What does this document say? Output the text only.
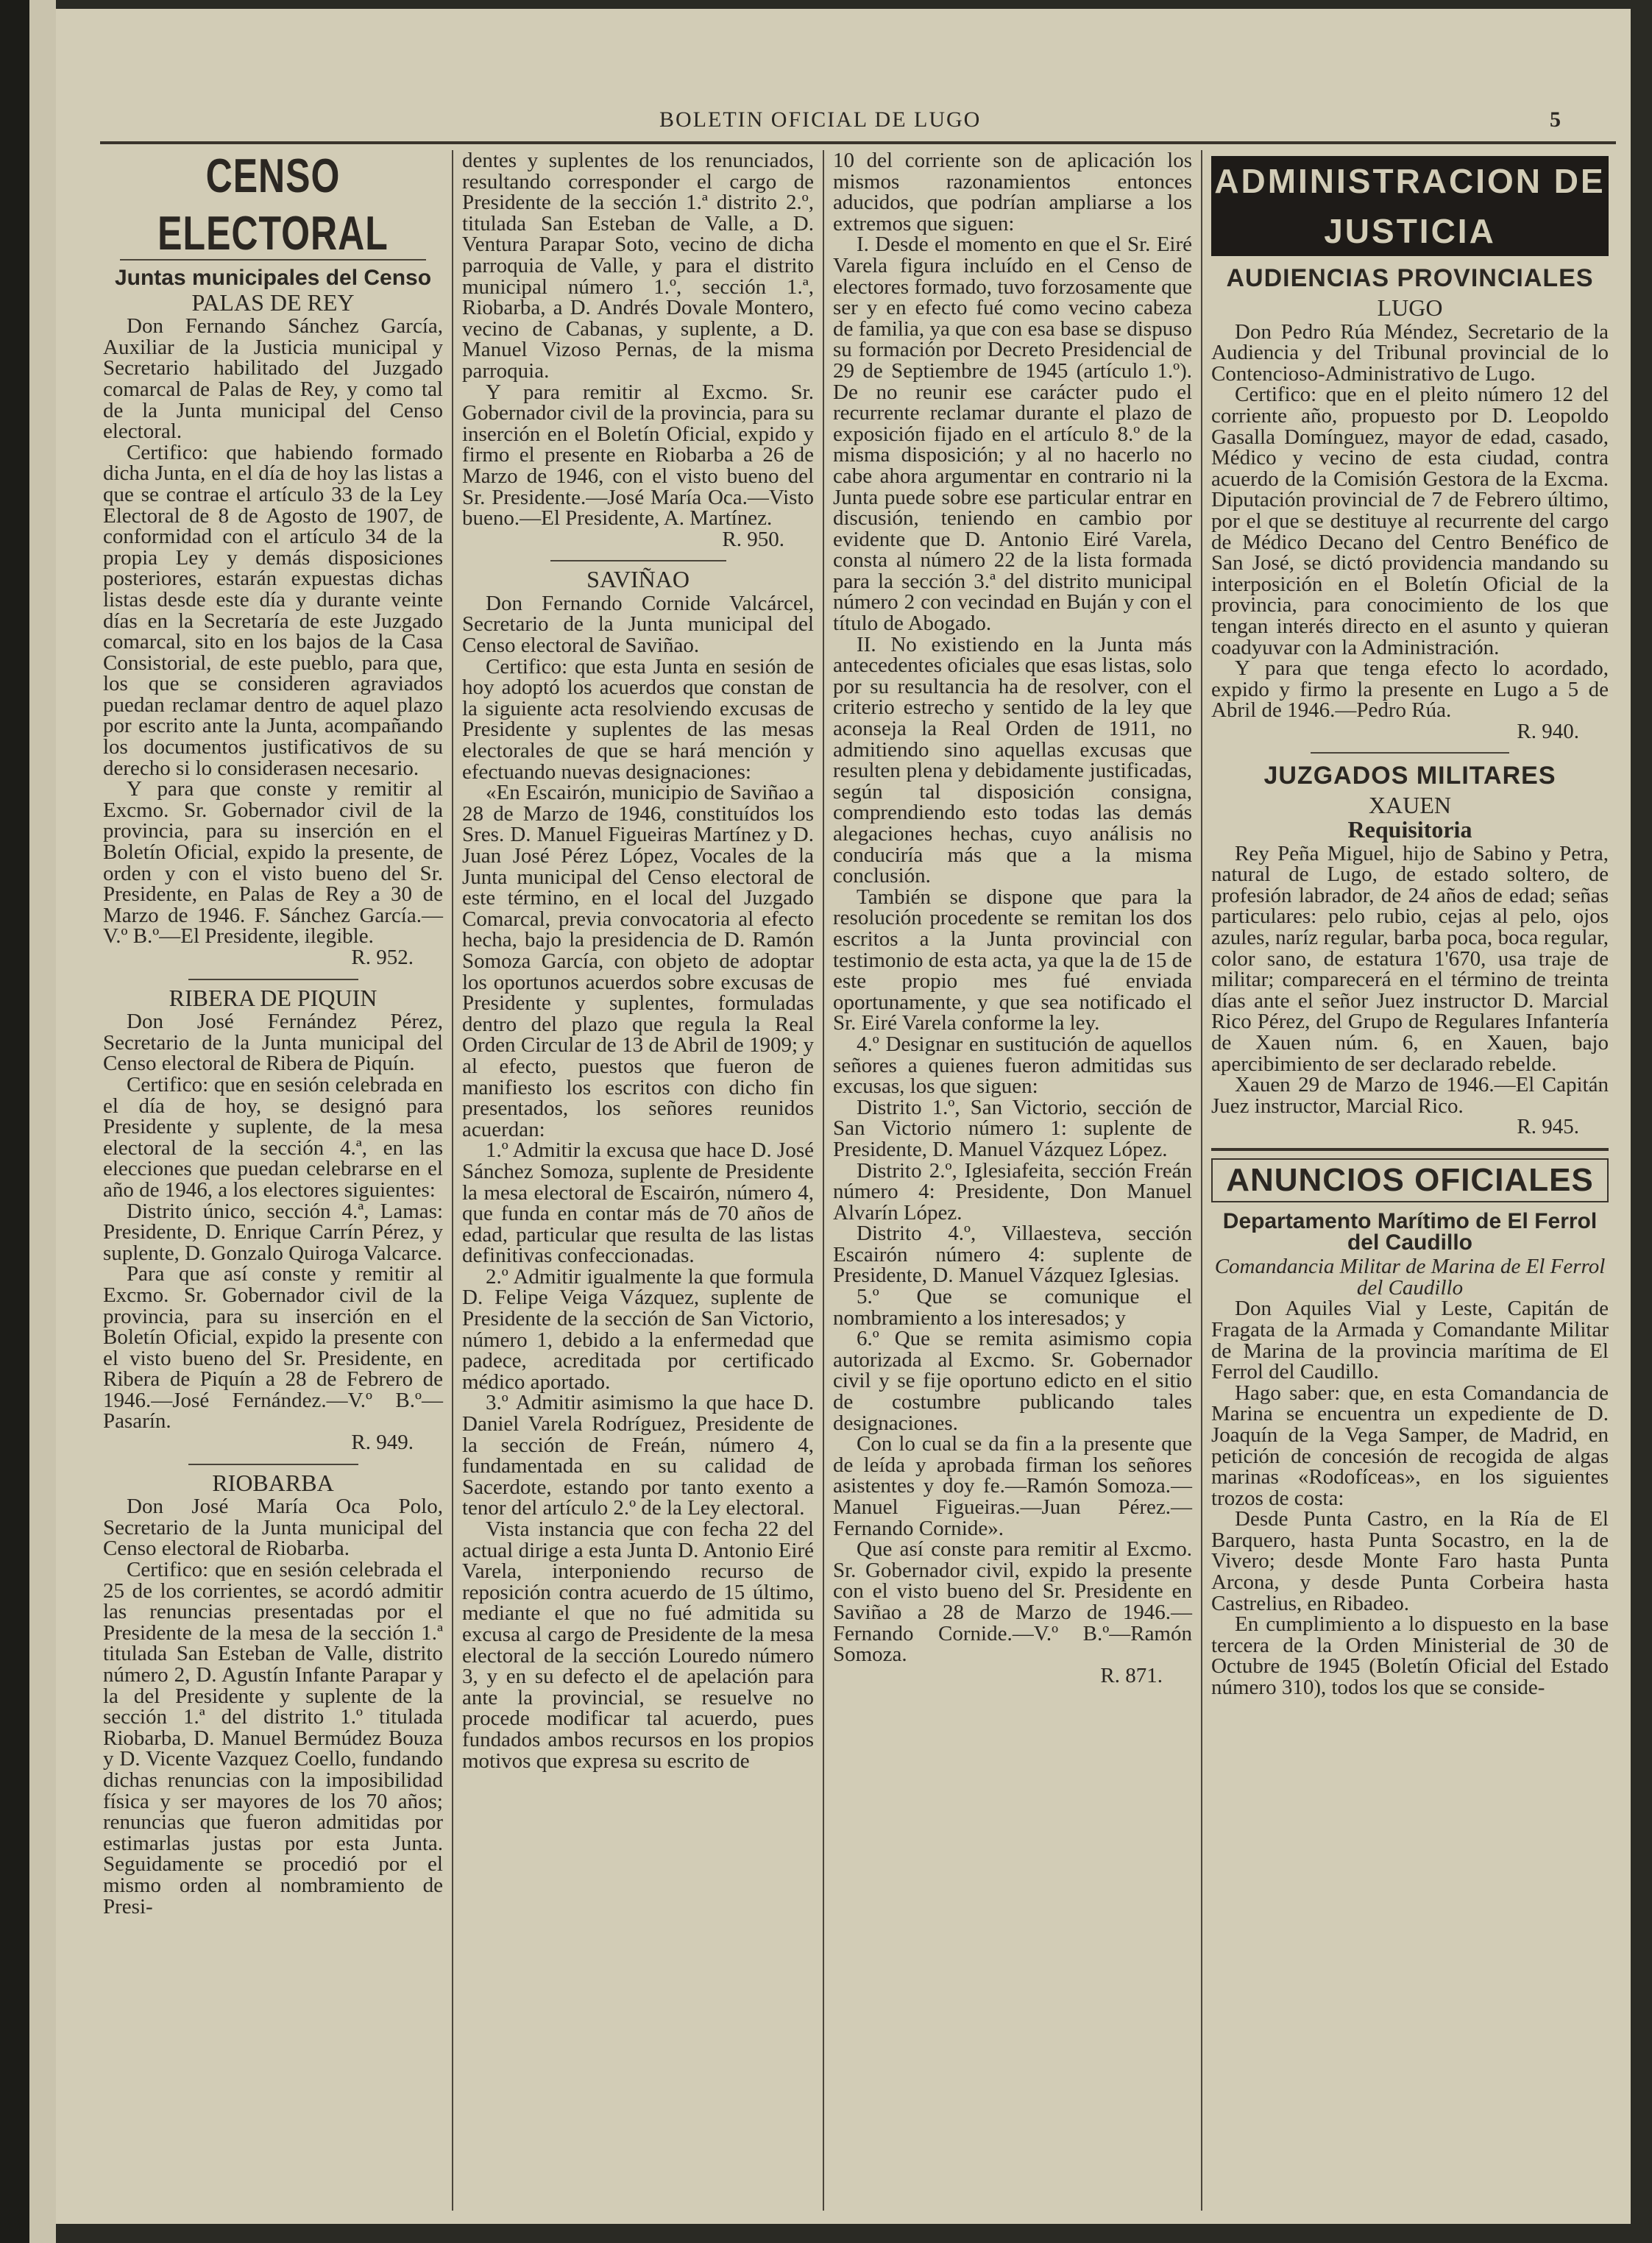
BOLETIN OFICIAL DE LUGO	5
CENSO ELECTORAL
Juntas municipales del Censo
PALAS DE REY

Don Fernando Sánchez García, Auxiliar de la Justicia municipal y Secretario habilitado del Juzgado comarcal de Palas de Rey, y como tal de la Junta municipal del Censo electoral.

Certifico: que habiendo formado dicha Junta, en el día de hoy las listas a que se contrae el artículo 33 de la Ley Electoral de 8 de Agosto de 1907, de conformidad con el artículo 34 de la propia Ley y demás disposiciones posteriores, estarán expuestas dichas listas desde este día y durante veinte días en la Secretaría de este Juzgado comarcal, sito en los bajos de la Casa Consistorial, de este pueblo, para que, los que se consideren agraviados puedan reclamar dentro de aquel plazo por escrito ante la Junta, acompañando los documentos justificativos de su derecho si lo considerasen necesario.

Y para que conste y remitir al Excmo. Sr. Gobernador civil de la provincia, para su inserción en el Boletín Oficial, expido la presente, de orden y con el visto bueno del Sr. Presidente, en Palas de Rey a 30 de Marzo de 1946. F. Sánchez García.—V.º B.º—El Presidente, ilegible.

R. 952.

RIBERA DE PIQUIN

Don José Fernández Pérez, Secretario de la Junta municipal del Censo electoral de Ribera de Piquín.

Certifico: que en sesión celebrada en el día de hoy, se designó para Presidente y suplente, de la mesa electoral de la sección 4.ª, en las elecciones que puedan celebrarse en el año de 1946, a los electores siguientes:

Distrito único, sección 4.ª, Lamas: Presidente, D. Enrique Carrín Pérez, y suplente, D. Gonzalo Quiroga Valcarce.

Para que así conste y remitir al Excmo. Sr. Gobernador civil de la provincia, para su inserción en el Boletín Oficial, expido la presente con el visto bueno del Sr. Presidente, en Ribera de Piquín a 28 de Febrero de 1946.—José Fernández.—V.º B.º—Pasarín.

R. 949.

RIOBARBA

Don José María Oca Polo, Secretario de la Junta municipal del Censo electoral de Riobarba.

Certifico: que en sesión celebrada el 25 de los corrientes, se acordó admitir las renuncias presentadas por el Presidente de la mesa de la sección 1.ª titulada San Esteban de Valle, distrito número 2, D. Agustín Infante Parapar y la del Presidente y suplente de la sección 1.ª del distrito 1.º titulada Riobarba, D. Manuel Bermúdez Bouza y D. Vicente Vazquez Coello, fundando dichas renuncias con la imposibilidad física y ser mayores de los 70 años; renuncias que fueron admitidas por estimarlas justas por esta Junta. Seguidamente se procedió por el mismo orden al nombramiento de Presi-

dentes y suplentes de los renunciados, resultando corresponder el cargo de Presidente de la sección 1.ª distrito 2.º, titulada San Esteban de Valle, a D. Ventura Parapar Soto, vecino de dicha parroquia de Valle, y para el distrito municipal número 1.º, sección 1.ª, Riobarba, a D. Andrés Dovale Montero, vecino de Cabanas, y suplente, a D. Manuel Vizoso Pernas, de la misma parroquia.

Y para remitir al Excmo. Sr. Gobernador civil de la provincia, para su inserción en el Boletín Oficial, expido y firmo el presente en Riobarba a 26 de Marzo de 1946, con el visto bueno del Sr. Presidente.—José María Oca.—Visto bueno.—El Presidente, A. Martínez.

R. 950.

SAVIÑAO

Don Fernando Cornide Valcárcel, Secretario de la Junta municipal del Censo electoral de Saviñao.

Certifico: que esta Junta en sesión de hoy adoptó los acuerdos que constan de la siguiente acta resolviendo excusas de Presidente y suplentes de las mesas electorales de que se hará mención y efectuando nuevas designaciones:

«En Escairón, municipio de Saviñao a 28 de Marzo de 1946, constituídos los Sres. D. Manuel Figueiras Martínez y D. Juan José Pérez López, Vocales de la Junta municipal del Censo electoral de este término, en el local del Juzgado Comarcal, previa convocatoria al efecto hecha, bajo la presidencia de D. Ramón Somoza García, con objeto de adoptar los oportunos acuerdos sobre excusas de Presidente y suplentes, formuladas dentro del plazo que regula la Real Orden Circular de 13 de Abril de 1909; y al efecto, puestos que fueron de manifiesto los escritos con dicho fin presentados, los señores reunidos acuerdan:

1.º Admitir la excusa que hace D. José Sánchez Somoza, suplente de Presidente la mesa electoral de Escairón, número 4, que funda en contar más de 70 años de edad, particular que resulta de las listas definitivas confeccionadas.

2.º Admitir igualmente la que formula D. Felipe Veiga Vázquez, suplente de Presidente de la sección de San Victorio, número 1, debido a la enfermedad que padece, acreditada por certificado médico aportado.

3.º Admitir asimismo la que hace D. Daniel Varela Rodríguez, Presidente de la sección de Freán, número 4, fundamentada en su calidad de Sacerdote, estando por tanto exento a tenor del artículo 2.º de la Ley electoral.

Vista instancia que con fecha 22 del actual dirige a esta Junta D. Antonio Eiré Varela, interponiendo recurso de reposición contra acuerdo de 15 último, mediante el que no fué admitida su excusa al cargo de Presidente de la mesa electoral de la sección Louredo número 3, y en su defecto el de apelación para ante la provincial, se resuelve no procede modificar tal acuerdo, pues fundados ambos recursos en los propios motivos que expresa su escrito de

10 del corriente son de aplicación los mismos razonamientos entonces aducidos, que podrían ampliarse a los extremos que siguen:

I. Desde el momento en que el Sr. Eiré Varela figura incluído en el Censo de electores formado, tuvo forzosamente que ser y en efecto fué como vecino cabeza de familia, ya que con esa base se dispuso su formación por Decreto Presidencial de 29 de Septiembre de 1945 (artículo 1.º). De no reunir ese carácter pudo el recurrente reclamar durante el plazo de exposición fijado en el artículo 8.º de la misma disposición; y al no hacerlo no cabe ahora argumentar en contrario ni la Junta puede sobre ese particular entrar en discusión, teniendo en cambio por evidente que D. Antonio Eiré Varela, consta al número 22 de la lista formada para la sección 3.ª del distrito municipal número 2 con vecindad en Buján y con el título de Abogado.

II. No existiendo en la Junta más antecedentes oficiales que esas listas, solo por su resultancia ha de resolver, con el criterio estrecho y sentido de la ley que aconseja la Real Orden de 1911, no admitiendo sino aquellas excusas que resulten plena y debidamente justificadas, según tal disposición consigna, comprendiendo esto todas las demás alegaciones hechas, cuyo análisis no conduciría más que a la misma conclusión.

También se dispone que para la resolución procedente se remitan los dos escritos a la Junta provincial con testimonio de esta acta, ya que la de 15 de este propio mes fué enviada oportunamente, y que sea notificado el Sr. Eiré Varela conforme la ley.

4.º Designar en sustitución de aquellos señores a quienes fueron admitidas sus excusas, los que siguen:

Distrito 1.º, San Victorio, sección de San Victorio número 1: suplente de Presidente, D. Manuel Vázquez López.

Distrito 2.º, Iglesiafeita, sección Freán número 4: Presidente, Don Manuel Alvarín López.

Distrito 4.º, Villaesteva, sección Escairón número 4: suplente de Presidente, D. Manuel Vázquez Iglesias.

5.º Que se comunique el nombramiento a los interesados; y

6.º Que se remita asimismo copia autorizada al Excmo. Sr. Gobernador civil y se fije oportuno edicto en el sitio de costumbre publicando tales designaciones.

Con lo cual se da fin a la presente que de leída y aprobada firman los señores asistentes y doy fe.—Ramón Somoza.—Manuel Figueiras.—Juan Pérez.—Fernando Cornide».

Que así conste para remitir al Excmo. Sr. Gobernador civil, expido la presente con el visto bueno del Sr. Presidente en Saviñao a 28 de Marzo de 1946.—Fernando Cornide.—V.º B.º—Ramón Somoza.

R. 871.

ADMINISTRACION DE JUSTICIA
AUDIENCIAS PROVINCIALES
LUGO

Don Pedro Rúa Méndez, Secretario de la Audiencia y del Tribunal provincial de lo Contencioso-Administrativo de Lugo.

Certifico: que en el pleito número 12 del corriente año, propuesto por D. Leopoldo Gasalla Domínguez, mayor de edad, casado, Médico y vecino de esta ciudad, contra acuerdo de la Comisión Gestora de la Excma. Diputación provincial de 7 de Febrero último, por el que se destituye al recurrente del cargo de Médico Decano del Centro Benéfico de San José, se dictó providencia mandando su interposición en el Boletín Oficial de la provincia, para conocimiento de los que tengan interés directo en el asunto y quieran coadyuvar con la Administración.

Y para que tenga efecto lo acordado, expido y firmo la presente en Lugo a 5 de Abril de 1946.—Pedro Rúa.

R. 940.

JUZGADOS MILITARES
XAUEN
Requisitoria

Rey Peña Miguel, hijo de Sabino y Petra, natural de Lugo, de estado soltero, de profesión labrador, de 24 años de edad; señas particulares: pelo rubio, cejas al pelo, ojos azules, naríz regular, barba poca, boca regular, color sano, de estatura 1'670, usa traje de militar; comparecerá en el término de treinta días ante el señor Juez instructor D. Marcial Rico Pérez, del Grupo de Regulares Infantería de Xauen núm. 6, en Xauen, bajo apercibimiento de ser declarado rebelde.

Xauen 29 de Marzo de 1946.—El Capitán Juez instructor, Marcial Rico.

R. 945.

ANUNCIOS OFICIALES
Departamento Marítimo de El Ferrol del Caudillo

Comandancia Militar de Marina de El Ferrol del Caudillo

Don Aquiles Vial y Leste, Capitán de Fragata de la Armada y Comandante Militar de Marina de la provincia marítima de El Ferrol del Caudillo.

Hago saber: que, en esta Comandancia de Marina se encuentra un expediente de D. Joaquín de la Vega Samper, de Madrid, en petición de concesión de recogida de algas marinas «Rodofíceas», en los siguientes trozos de costa:

Desde Punta Castro, en la Ría de El Barquero, hasta Punta Socastro, en la de Vivero; desde Monte Faro hasta Punta Arcona, y desde Punta Corbeira hasta Castrelius, en Ribadeo.

En cumplimiento a lo dispuesto en la base tercera de la Orden Ministerial de 30 de Octubre de 1945 (Boletín Oficial del Estado número 310), todos los que se conside-
